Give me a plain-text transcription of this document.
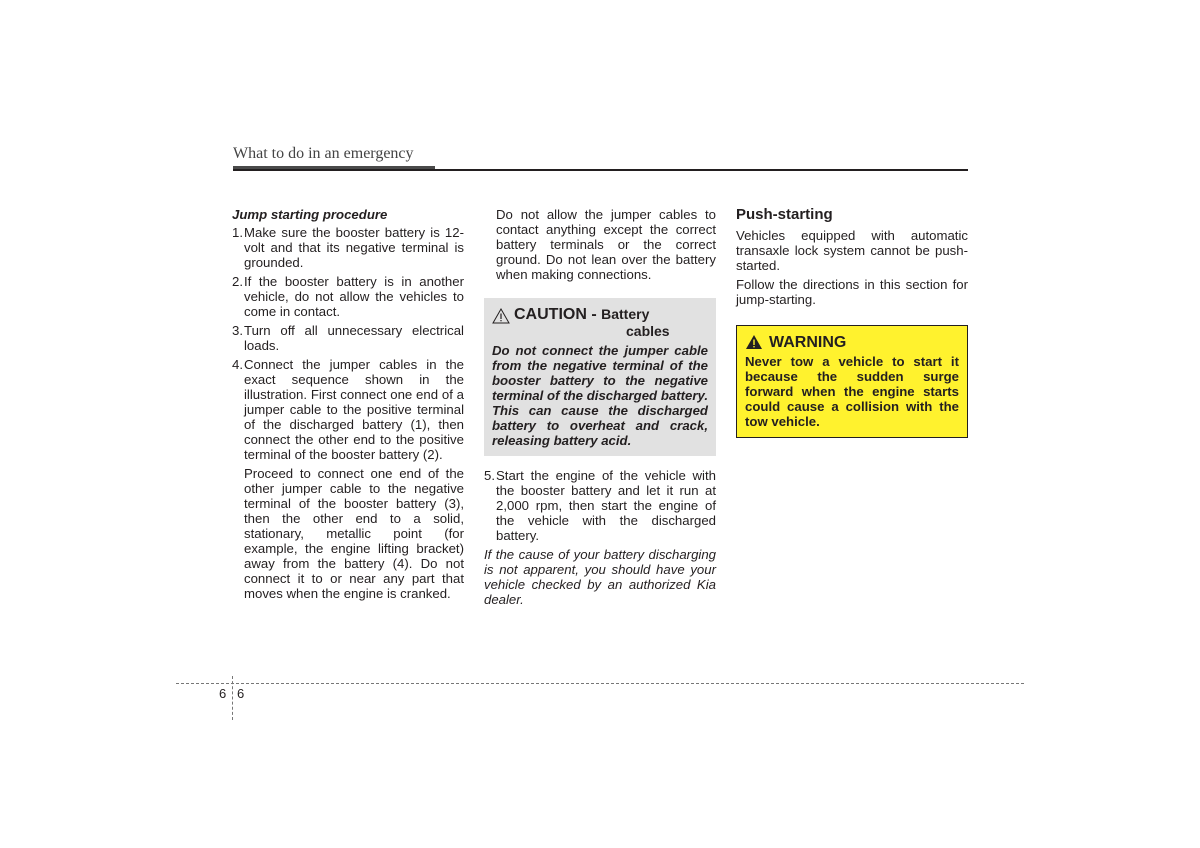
What to do in an emergency
Jump starting procedure
1. Make sure the booster battery is 12-volt and that its negative terminal is grounded.
2. If the booster battery is in another vehicle, do not allow the vehicles to come in contact.
3. Turn off all unnecessary electrical loads.
4. Connect the jumper cables in the exact sequence shown in the illustration. First connect one end of a jumper cable to the positive terminal of the discharged battery (1), then connect the other end to the positive terminal of the booster battery (2).
Proceed to connect one end of the other jumper cable to the negative terminal of the booster battery (3), then the other end to a solid, stationary, metallic point (for example, the engine lifting bracket) away from the battery (4). Do not connect it to or near any part that moves when the engine is cranked.
Do not allow the jumper cables to contact anything except the correct battery terminals or the correct ground. Do not lean over the battery when making connections.
CAUTION - Battery
cables
Do not connect the jumper cable from the negative terminal of the booster battery to the negative terminal of the discharged battery. This can cause the discharged battery to overheat and crack, releasing battery acid.
5. Start the engine of the vehicle with the booster battery and let it run at 2,000 rpm, then start the engine of the vehicle with the discharged battery.
If the cause of your battery discharging is not apparent, you should have your vehicle checked by an authorized Kia dealer.
Push-starting
Vehicles equipped with automatic transaxle lock system cannot be push-started.
Follow the directions in this section for jump-starting.
WARNING
Never tow a vehicle to start it because the sudden surge forward when the engine starts could cause a collision with the tow vehicle.
6 6
